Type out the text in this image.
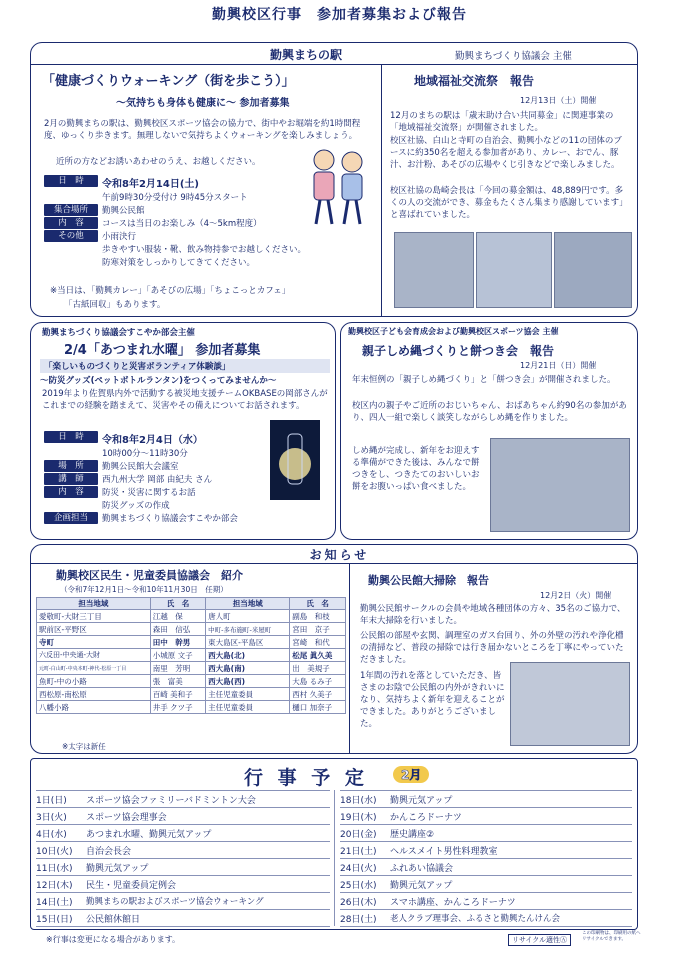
勤興校区行事　参加者募集および報告
勤興まちの駅	勤興まちづくり協議会 主催
「健康づくりウォーキング（街を歩こう）」
～気持ちも身体も健康に～ 参加者募集
2月の勤興まちの駅は、勤興校区スポーツ協会の協力で、街中やお堀端を約1時間程度、ゆっくり歩きます。無理しないで気持ちよくウォーキングを楽しみましょう。
近所の方などお誘いあわせのうえ、お越しください。
日　時	令和8年2月14日(土)
午前9時30分受付け 9時45分スタート
集合場所	勤興公民館
内　容	コースは当日のお楽しみ（4～5km程度）
その他	小雨決行
歩きやすい服装・靴、飲み物持参でお越しください。
防寒対策をしっかりしてきてください。
※当日は、「勤興カレー」「あそびの広場」「ちょこっとカフェ」
「古紙回収」もあります。
地域福祉交流祭　報告
12月13日（土）開催
12月のまちの駅は「歳末助け合い共同募金」に関連事業の「地域福祉交流祭」が開催されました。
校区社協、白山と寺町の自治会、勤興小などの11の団体のブースに約350名を超える参加者があり、カレー、おでん、豚汁、お汁粉、あそびの広場やくじ引きなどで楽しみました。
校区社協の島崎会長は「今回の募金額は、48,889円です。多くの人の交流ができ、募金もたくさん集まり感謝しています」と喜ばれていました。
勤興まちづくり協議会すこやか部会主催
2/4「あつまれ水曜」 参加者募集
「楽しいものづくりと災害ボランティア体験談」
～防災グッズ(ペットボトルランタン)をつくってみませんか～
2019年より佐賀県内外で活動する被災地支援チームOKBASEの岡部さんがこれまでの経験を踏まえて、災害やその備えについてお話されます。
日　時	令和8年2月4日（水）
10時00分～11時30分
場　所	勤興公民館大会議室
講　師	西九州大学 岡部 由紀夫 さん
内　容	防災・災害に関するお話
防災グッズの作成
企画担当	勤興まちづくり協議会すこやか部会
勤興校区子ども会育成会および勤興校区スポーツ協会 主催
親子しめ縄づくりと餅つき会　報告
12月21日（日）開催
年末恒例の「親子しめ縄づくり」と「餅つき会」が開催されました。
校区内の親子やご近所のおじいちゃん、おばあちゃん約90名の参加があり、四人一組で楽しく談笑しながらしめ縄を作りました。
しめ縄が完成し、新年をお迎えする準備ができた後は、みんなで餅つきをし、つきたてのおいしいお餅をお腹いっぱい食べました。
お知らせ
勤興校区民生・児童委員協議会　紹介
（令和7年12月1日～令和10年11月30日　任期）
担当地域	氏　名	担当地域	氏　名
愛敬町-大財三丁目	江越　保	唐人町	副島　和枝
駅前区-平野区	森田　信弘	中町-多布施町-米屋町	宮田　京子
寺町	田中　幹男	東大島区-平島区	宮崎　和代
六反田-中央通-大財	小城原 文子	西大島(北)	松尾 眞久美
元町-白山町-中央本町-神代-松原一丁目	南里　芳明	西大島(南)	出　美規子
魚町-中の小路	張　富美	西大島(西)	大島 るみ子
西松原-南松原	百崎 美和子	主任児童委員	西村 久美子
八幡小路	井手 クツ子	主任児童委員	樋口 加奈子
※太字は新任
勤興公民館大掃除　報告
12月2日（火）開催
勤興公民館サークルの会員や地域各種団体の方々、35名のご協力で、年末大掃除を行いました。
公民館の部屋や玄関、調理室のガス台回り、外の外壁の汚れや浄化槽の清掃など、普段の掃除では行き届かないところを丁寧にやっていただきました。
1年間の汚れを落としていただき、皆さまのお陰で公民館の内外がきれいになり、気持ちよく新年を迎えることができました。ありがとうございました。
行 事 予 定	2月
1日(日)	スポーツ協会ファミリーバドミントン大会
3日(火)	スポーツ協会理事会
4日(水)	あつまれ水曜、勤興元気アップ
10日(火)	自治会長会
11日(水)	勤興元気アップ
12日(木)	民生・児童委員定例会
14日(土)	勤興まちの駅およびスポーツ協会ウォーキング
15日(日)	公民館休館日
18日(水)	勤興元気アップ
19日(木)	かんころドーナツ
20日(金)	歴史講座②
21日(土)	ヘルスメイト男性料理教室
24日(火)	ふれあい協議会
25日(水)	勤興元気アップ
26日(木)	スマホ講座、かんころドーナツ
28日(土)	老人クラブ理事会、ふるさと勤興たんけん会
※行事は変更になる場合があります。	リサイクル適性Ⓐ
この印刷物は、印刷用の紙へリサイクルできます。
